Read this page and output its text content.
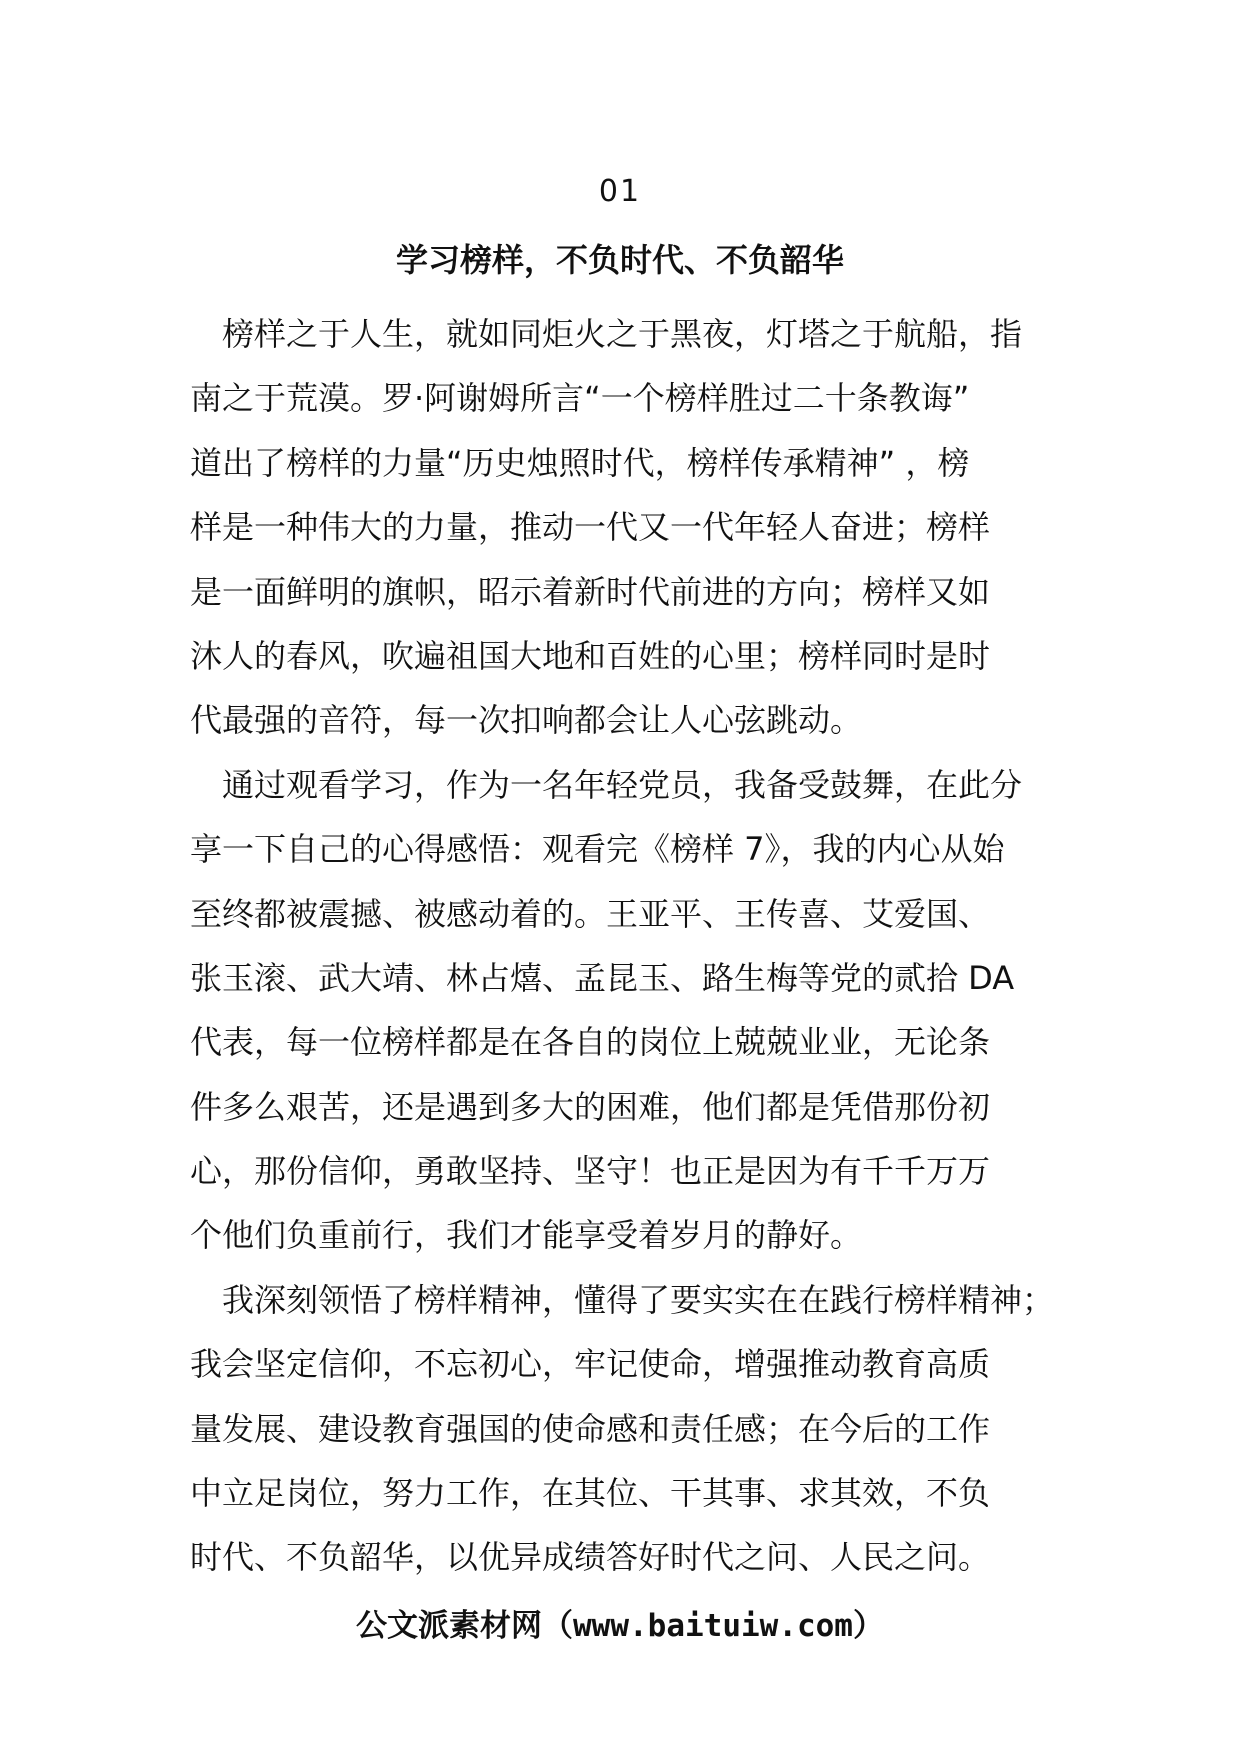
01
学习榜样，不负时代、不负韶华
榜样之于人生，就如同炬火之于黑夜，灯塔之于航船，指
南之于荒漠。罗·阿谢姆所言“一个榜样胜过二十条教诲”
道出了榜样的力量“历史烛照时代，榜样传承精神” ，榜
样是一种伟大的力量，推动一代又一代年轻人奋进；榜样
是一面鲜明的旗帜，昭示着新时代前进的方向；榜样又如
沐人的春风，吹遍祖国大地和百姓的心里；榜样同时是时
代最强的音符，每一次扣响都会让人心弦跳动。
通过观看学习，作为一名年轻党员，我备受鼓舞，在此分
享一下自己的心得感悟：观看完《榜样 7》，我的内心从始
至终都被震撼、被感动着的。王亚平、王传喜、艾爱国、
张玉滚、武大靖、林占熺、孟昆玉、路生梅等党的贰拾 DA
代表，每一位榜样都是在各自的岗位上兢兢业业，无论条
件多么艰苦，还是遇到多大的困难，他们都是凭借那份初
心，那份信仰，勇敢坚持、坚守！也正是因为有千千万万
个他们负重前行，我们才能享受着岁月的静好。
我深刻领悟了榜样精神，懂得了要实实在在践行榜样精神；
我会坚定信仰，不忘初心，牢记使命，增强推动教育高质
量发展、建设教育强国的使命感和责任感；在今后的工作
中立足岗位，努力工作，在其位、干其事、求其效，不负
时代、不负韶华，以优异成绩答好时代之问、人民之问。
公文派素材网（www.baituiw.com）
